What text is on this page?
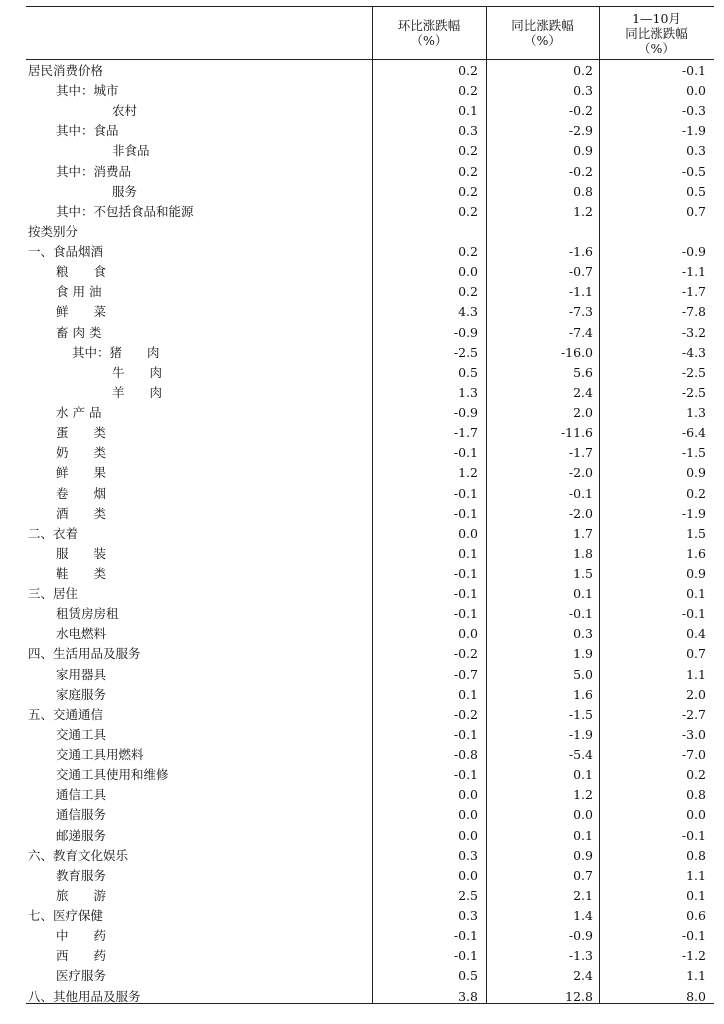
环比涨跌幅
（%）
同比涨跌幅
（%）
1—10月
同比涨跌幅
（%）
居民消费价格	0.2	0.2	-0.1
其中：城市	0.2	0.3	0.0
农村	0.1	-0.2	-0.3
其中：食品	0.3	-2.9	-1.9
非食品	0.2	0.9	0.3
其中：消费品	0.2	-0.2	-0.5
服务	0.2	0.8	0.5
其中：不包括食品和能源	0.2	1.2	0.7
按类别分
一、食品烟酒	0.2	-1.6	-0.9
粮　　食	0.0	-0.7	-1.1
食 用 油	0.2	-1.1	-1.7
鲜　　菜	4.3	-7.3	-7.8
畜 肉 类	-0.9	-7.4	-3.2
其中：猪　　肉	-2.5	-16.0	-4.3
牛　　肉	0.5	5.6	-2.5
羊　　肉	1.3	2.4	-2.5
水 产 品	-0.9	2.0	1.3
蛋　　类	-1.7	-11.6	-6.4
奶　　类	-0.1	-1.7	-1.5
鲜　　果	1.2	-2.0	0.9
卷　　烟	-0.1	-0.1	0.2
酒　　类	-0.1	-2.0	-1.9
二、衣着	0.0	1.7	1.5
服　　装	0.1	1.8	1.6
鞋　　类	-0.1	1.5	0.9
三、居住	-0.1	0.1	0.1
租赁房房租	-0.1	-0.1	-0.1
水电燃料	0.0	0.3	0.4
四、生活用品及服务	-0.2	1.9	0.7
家用器具	-0.7	5.0	1.1
家庭服务	0.1	1.6	2.0
五、交通通信	-0.2	-1.5	-2.7
交通工具	-0.1	-1.9	-3.0
交通工具用燃料	-0.8	-5.4	-7.0
交通工具使用和维修	-0.1	0.1	0.2
通信工具	0.0	1.2	0.8
通信服务	0.0	0.0	0.0
邮递服务	0.0	0.1	-0.1
六、教育文化娱乐	0.3	0.9	0.8
教育服务	0.0	0.7	1.1
旅　　游	2.5	2.1	0.1
七、医疗保健	0.3	1.4	0.6
中　　药	-0.1	-0.9	-0.1
西　　药	-0.1	-1.3	-1.2
医疗服务	0.5	2.4	1.1
八、其他用品及服务	3.8	12.8	8.0
